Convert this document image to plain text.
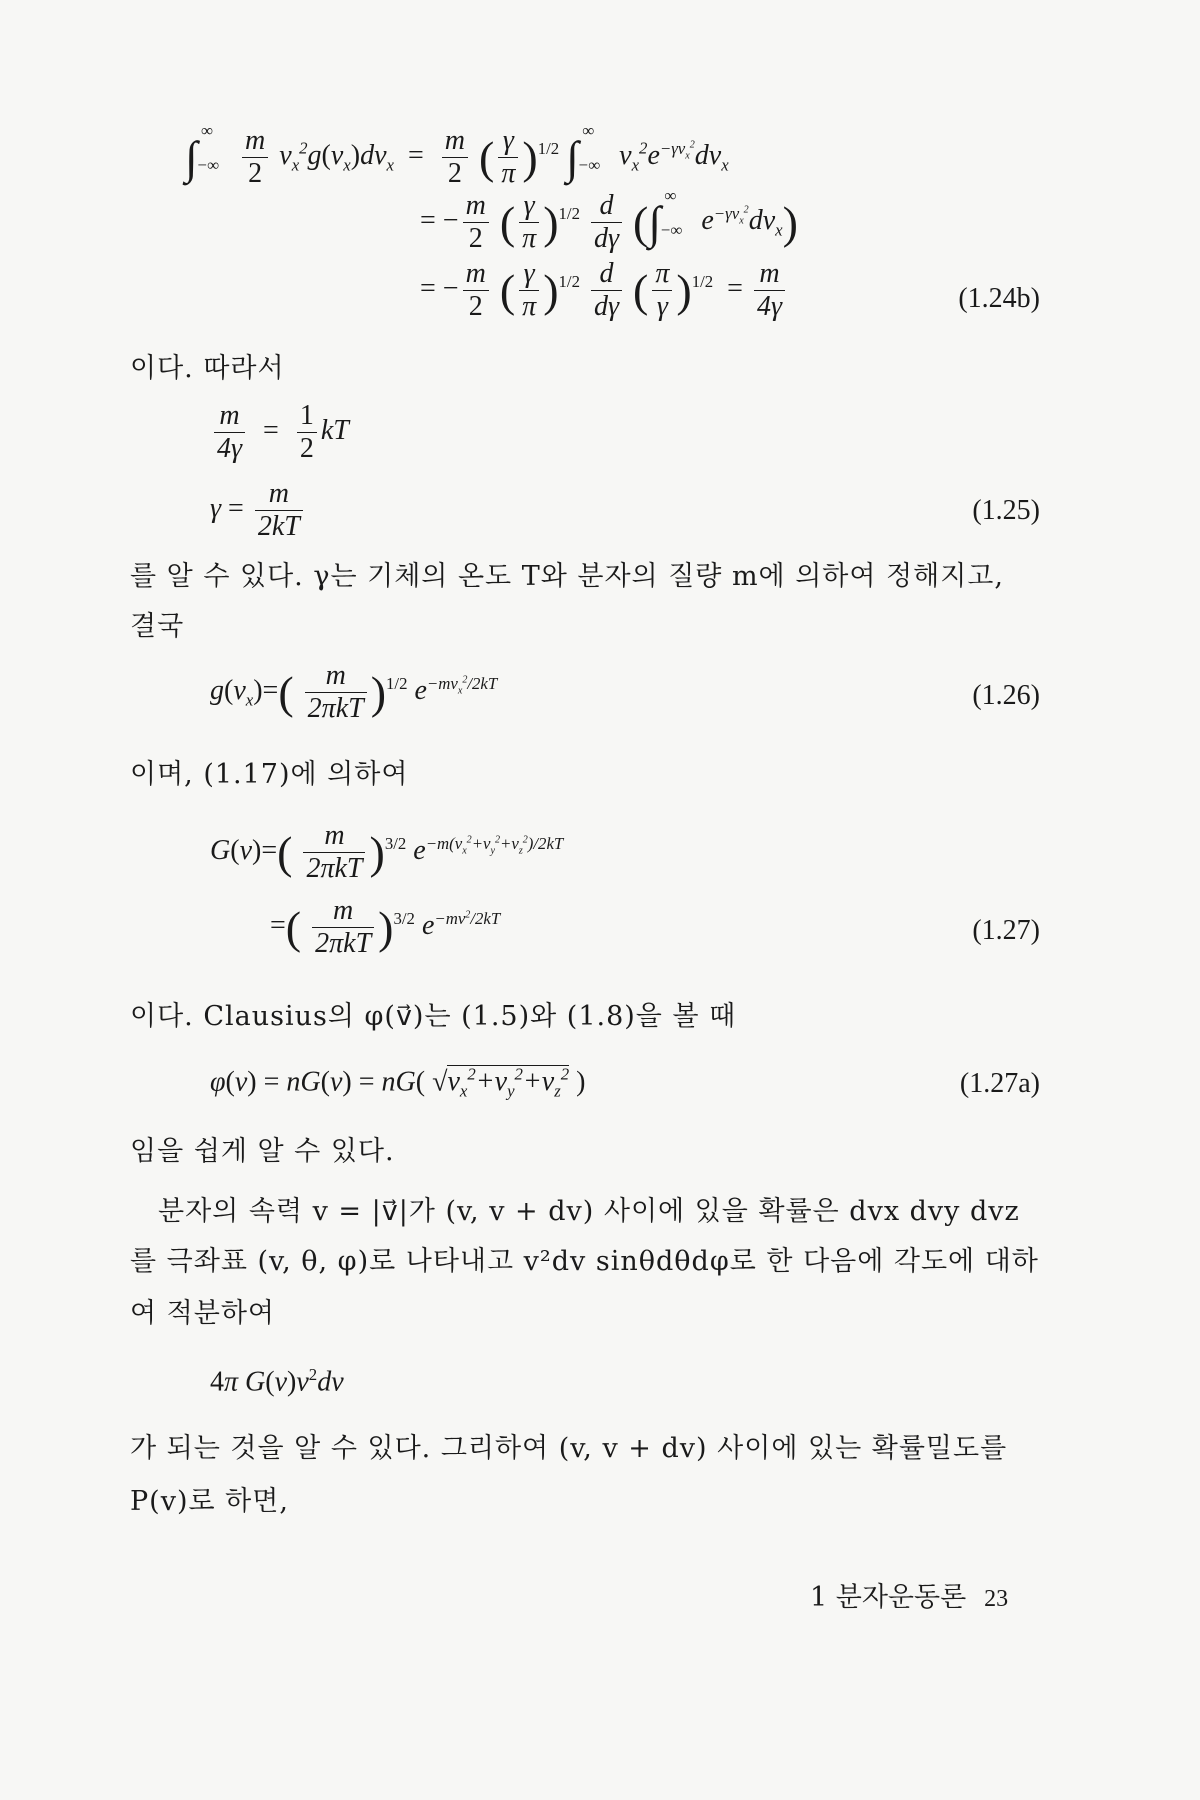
$\int_{-\infty}^\infty \frac{m}{2} v_x^2g(v_x)dv_x = \frac{m}{2}$ ( $\frac{\gamma}{\pi} )^{1/2}$ $\int_{-\infty}^\infty$ $v_x^2e^{-\gamma v_x^2}dv_x$
= − $\frac{m}{2}$ ( $\frac{\gamma}{\pi} )^{1/2} \frac{d}{d\gamma} (\int_{-\infty}^\infty$ $e^{-\gamma v_x^2}dv_x$)
= − $\frac{m}{2}$ ( $\frac{\gamma}{\pi} )^{1/2} \frac{d}{d\gamma}$ ( $\frac{\pi}{\gamma} )^{1/2} = \frac{m}{4\gamma}$	(1.24b)
이다. 따라서
$\frac{m}{4\gamma} = \frac{1}{2}$ kT
$\gamma = \frac{m}{2kT}$	(1.25)
를 알 수 있다. γ는 기체의 온도 T와 분자의 질량 m에 의하여 정해지고,
결국
$g(v_x)=( \frac{m}{\text{2πkT}} )^{1/2}$ $e^{-mv_x^2/2kT}$	(1.26)
이며, (1.17)에 의하여
$G(v)=( \frac{m}{\text{2πkT}} )^{3/2}$ $e^{-m(v_x^2+v_y^2+v_z^2)/2kT}$
=( $\frac{m}{\text{2πkT}} )^{3/2}$ $e^{-mv^2/2kT}$	(1.27)
이다. Clausius의 φ(v⃗)는 (1.5)와 (1.8)을 볼 때
φ(v) = nG(v) = nG( $√v_x^2+v_y^2+v_z^2$ )	(1.27a)
임을 쉽게 알 수 있다.
분자의 속력 v = |v⃗|가 (v, v + dv) 사이에 있을 확률은 dvx dvy dvz
를 극좌표 (v, θ, φ)로 나타내고 v²dv sinθdθdφ로 한 다음에 각도에 대하
여 적분하여
4π $G(v)v^2dv$
가 되는 것을 알 수 있다. 그리하여 (v, v + dv) 사이에 있는 확률밀도를
P(v)로 하면,
1 분자운동론 23
